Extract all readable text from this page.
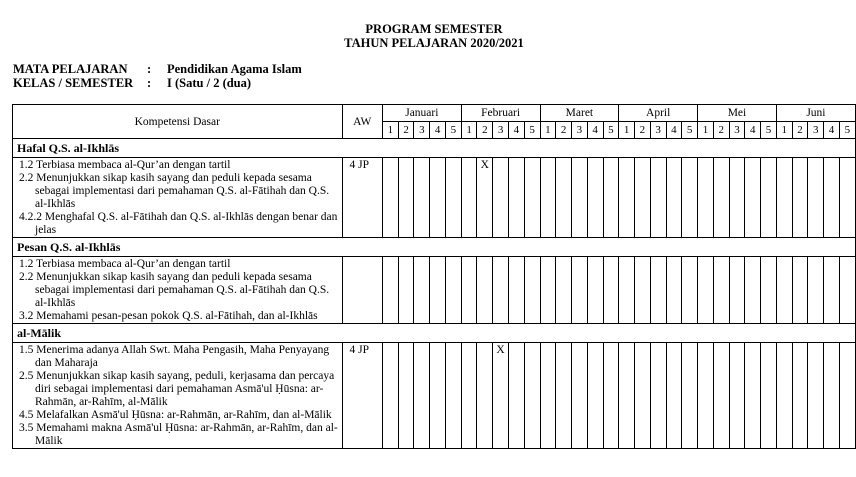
PROGRAM SEMESTER
TAHUN PELAJARAN 2020/2021
MATA PELAJARAN : Pendidikan Agama Islam
KELAS / SEMESTER : I (Satu / 2 (dua)
Kompetensi Dasar	AW	Januari					Februari					Maret					April					Mei					Juni				
		1	2	3	4	5	1	2	3	4	5	1	2	3	4	5	1	2	3	4	5	1	2	3	4	5	1	2	3	4	5
Hafal Q.S. al-Ikhlās																															

1.2 Terbiasa membaca al-Qur’an dengan tartil
2.2 Menunjukkan sikap kasih sayang dan peduli kepada sesama sebagai implementasi dari pemahaman Q.S. al-Fātihah dan Q.S. al-Ikhlās
4.2.2 Menghafal Q.S. al-Fātihah dan Q.S. al-Ikhlās dengan benar dan jelas	4 JP							X																							
Pesan Q.S. al-Ikhlās																															

1.2 Terbiasa membaca al-Qur’an dengan tartil
2.2 Menunjukkan sikap kasih sayang dan peduli kepada sesama sebagai implementasi dari pemahaman Q.S. al-Fātihah dan Q.S. al-Ikhlās
3.2 Memahami pesan-pesan pokok Q.S. al-Fātihah, dan al-Ikhlās																															

al-Mālik																															

1.5 Menerima adanya Allah Swt. Maha Pengasih, Maha Penyayang dan Maharaja
2.5 Menunjukkan sikap kasih sayang, peduli, kerjasama dan percaya diri sebagai implementasi dari pemahaman Asmā'ul Ḥūsna: ar-Rahmān, ar-Rahīm, al-Mālik
4.5 Melafalkan Asmā'ul Ḥūsna: ar-Rahmān, ar-Rahīm, dan al-Mālik
3.5 Memahami makna Asmā'ul Ḥūsna: ar-Rahmān, ar-Rahīm, dan al-Mālik	4 JP								X																						
